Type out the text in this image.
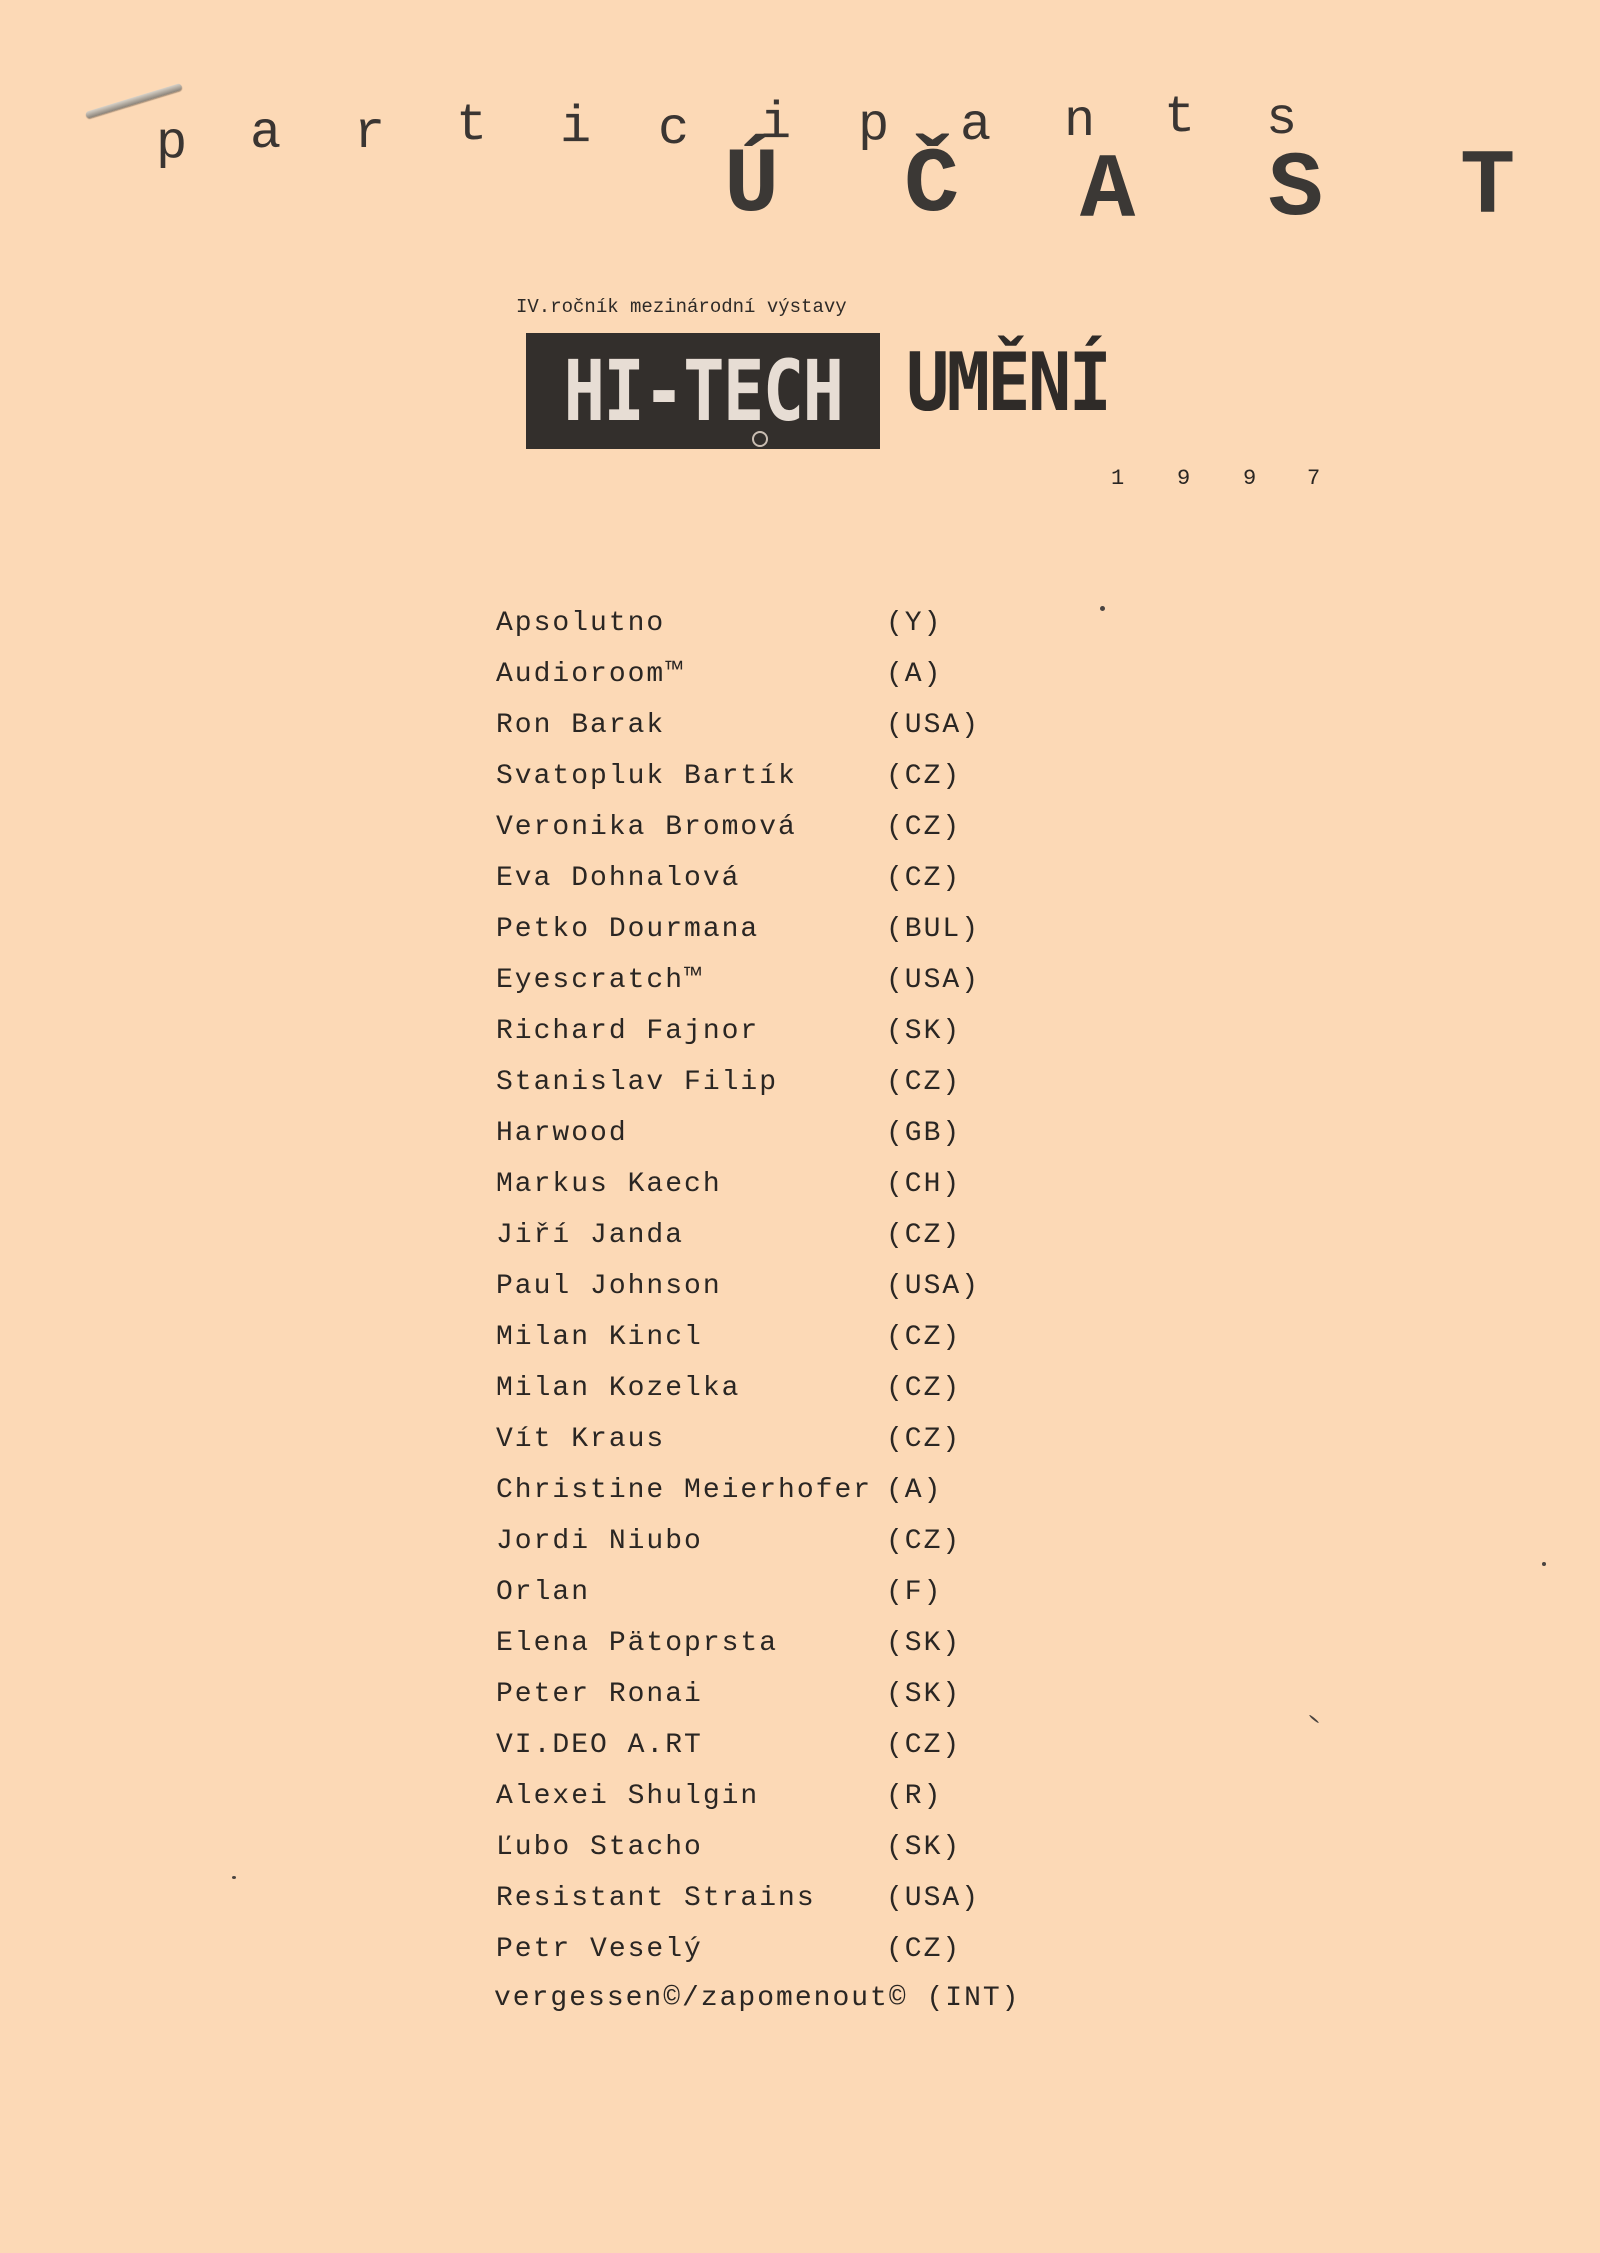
p a r t i c i p a n t s
Ú Č A S T
IV.ročník mezinárodní výstavy
HI-TECH UMĚNÍ
1 9 9 7
Apsolutno	(Y)
Audioroom™	(A)
Ron Barak	(USA)
Svatopluk Bartík	(CZ)
Veronika Bromová	(CZ)
Eva Dohnalová	(CZ)
Petko Dourmana	(BUL)
Eyescratch™	(USA)
Richard Fajnor	(SK)
Stanislav Filip	(CZ)
Harwood	(GB)
Markus Kaech	(CH)
Jiří Janda	(CZ)
Paul Johnson	(USA)
Milan Kincl	(CZ)
Milan Kozelka	(CZ)
Vít Kraus	(CZ)
Christine Meierhofer (A)
Jordi Niubo	(CZ)
Orlan	(F)
Elena Pätoprsta	(SK)
Peter Ronai	(SK)
VI.DEO A.RT	(CZ)
Alexei Shulgin	(R)
Ľubo Stacho	(SK)
Resistant Strains	(USA)
Petr Veselý	(CZ)
vergessen©/zapomenout© (INT)
